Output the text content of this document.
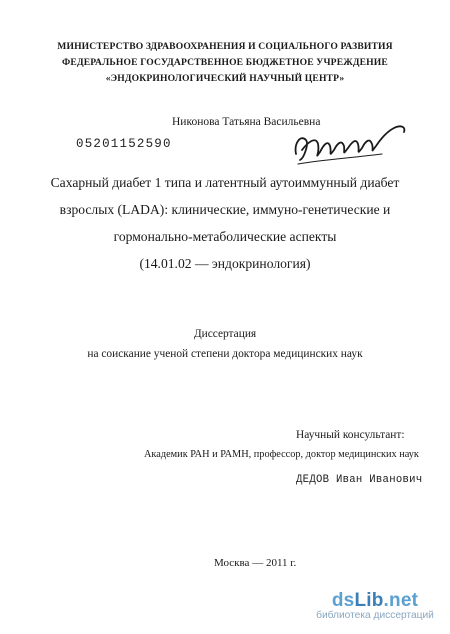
МИНИСТЕРСТВО ЗДРАВООХРАНЕНИЯ И СОЦИАЛЬНОГО РАЗВИТИЯ
ФЕДЕРАЛЬНОЕ ГОСУДАРСТВЕННОЕ БЮДЖЕТНОЕ УЧРЕЖДЕНИЕ
«ЭНДОКРИНОЛОГИЧЕСКИЙ НАУЧНЫЙ ЦЕНТР»
Никонова Татьяна Васильевна
05201152590
Сахарный диабет 1 типа и латентный аутоиммунный диабет
взрослых (LADA): клинические, иммуно-генетические и
гормонально-метаболические аспекты
(14.01.02 — эндокринология)
Диссертация
на соискание ученой степени доктора медицинских наук
Научный консультант:
Академик РАН и РАМН, профессор, доктор медицинских наук
ДЕДОВ Иван Иванович
Москва — 2011 г.
dsLib.net
библиотека диссертаций
